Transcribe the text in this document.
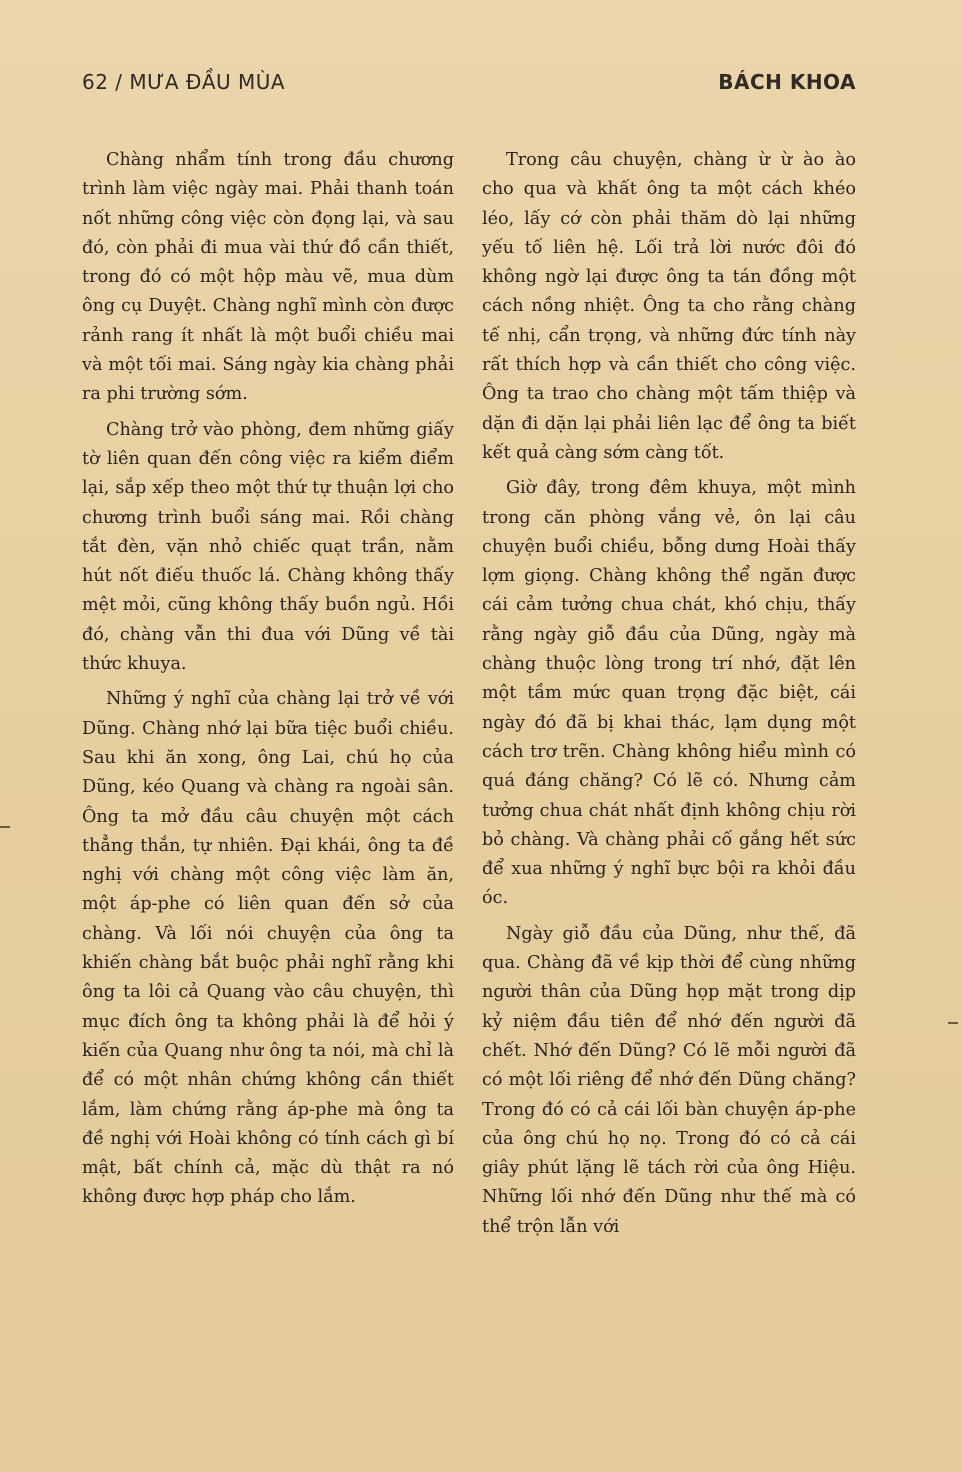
62 / MƯA ĐẦU MÙA	BÁCH KHOA

Chàng nhẩm tính trong đầu chương trình làm việc ngày mai. Phải thanh toán nốt những công việc còn đọng lại, và sau đó, còn phải đi mua vài thứ đồ cần thiết, trong đó có một hộp màu vẽ, mua dùm ông cụ Duyệt. Chàng nghĩ mình còn được rảnh rang ít nhất là một buổi chiều mai và một tối mai. Sáng ngày kia chàng phải ra phi trường sớm.

Chàng trở vào phòng, đem những giấy tờ liên quan đến công việc ra kiểm điểm lại, sắp xếp theo một thứ tự thuận lợi cho chương trình buổi sáng mai. Rồi chàng tắt đèn, vặn nhỏ chiếc quạt trần, nằm hút nốt điếu thuốc lá. Chàng không thấy mệt mỏi, cũng không thấy buồn ngủ. Hồi đó, chàng vẫn thi đua với Dũng về tài thức khuya.

Những ý nghĩ của chàng lại trở về với Dũng. Chàng nhớ lại bữa tiệc buổi chiều. Sau khi ăn xong, ông Lai, chú họ của Dũng, kéo Quang và chàng ra ngoài sân. Ông ta mở đầu câu chuyện một cách thẳng thắn, tự nhiên. Đại khái, ông ta đề nghị với chàng một công việc làm ăn, một áp-phe có liên quan đến sở của chàng. Và lối nói chuyện của ông ta khiến chàng bắt buộc phải nghĩ rằng khi ông ta lôi cả Quang vào câu chuyện, thì mục đích ông ta không phải là để hỏi ý kiến của Quang như ông ta nói, mà chỉ là để có một nhân chứng không cần thiết lắm, làm chứng rằng áp-phe mà ông ta đề nghị với Hoài không có tính cách gì bí mật, bất chính cả, mặc dù thật ra nó không được hợp pháp cho lắm.

Trong câu chuyện, chàng ừ ừ ào ào cho qua và khất ông ta một cách khéo léo, lấy cớ còn phải thăm dò lại những yếu tố liên hệ. Lối trả lời nước đôi đó không ngờ lại được ông ta tán đồng một cách nồng nhiệt. Ông ta cho rằng chàng tế nhị, cẩn trọng, và những đức tính này rất thích hợp và cần thiết cho công việc. Ông ta trao cho chàng một tấm thiệp và dặn đi dặn lại phải liên lạc để ông ta biết kết quả càng sớm càng tốt.

Giờ đây, trong đêm khuya, một mình trong căn phòng vắng vẻ, ôn lại câu chuyện buổi chiều, bỗng dưng Hoài thấy lợm giọng. Chàng không thể ngăn được cái cảm tưởng chua chát, khó chịu, thấy rằng ngày giỗ đầu của Dũng, ngày mà chàng thuộc lòng trong trí nhớ, đặt lên một tầm mức quan trọng đặc biệt, cái ngày đó đã bị khai thác, lạm dụng một cách trơ trẽn. Chàng không hiểu mình có quá đáng chăng? Có lẽ có. Nhưng cảm tưởng chua chát nhất định không chịu rời bỏ chàng. Và chàng phải cố gắng hết sức để xua những ý nghĩ bực bội ra khỏi đầu óc.

Ngày giỗ đầu của Dũng, như thế, đã qua. Chàng đã về kịp thời để cùng những người thân của Dũng họp mặt trong dịp kỷ niệm đầu tiên để nhớ đến người đã chết. Nhớ đến Dũng? Có lẽ mỗi người đã có một lối riêng để nhớ đến Dũng chăng? Trong đó có cả cái lối bàn chuyện áp-phe của ông chú họ nọ. Trong đó có cả cái giây phút lặng lẽ tách rời của ông Hiệu. Những lối nhớ đến Dũng như thế mà có thể trộn lẫn với
